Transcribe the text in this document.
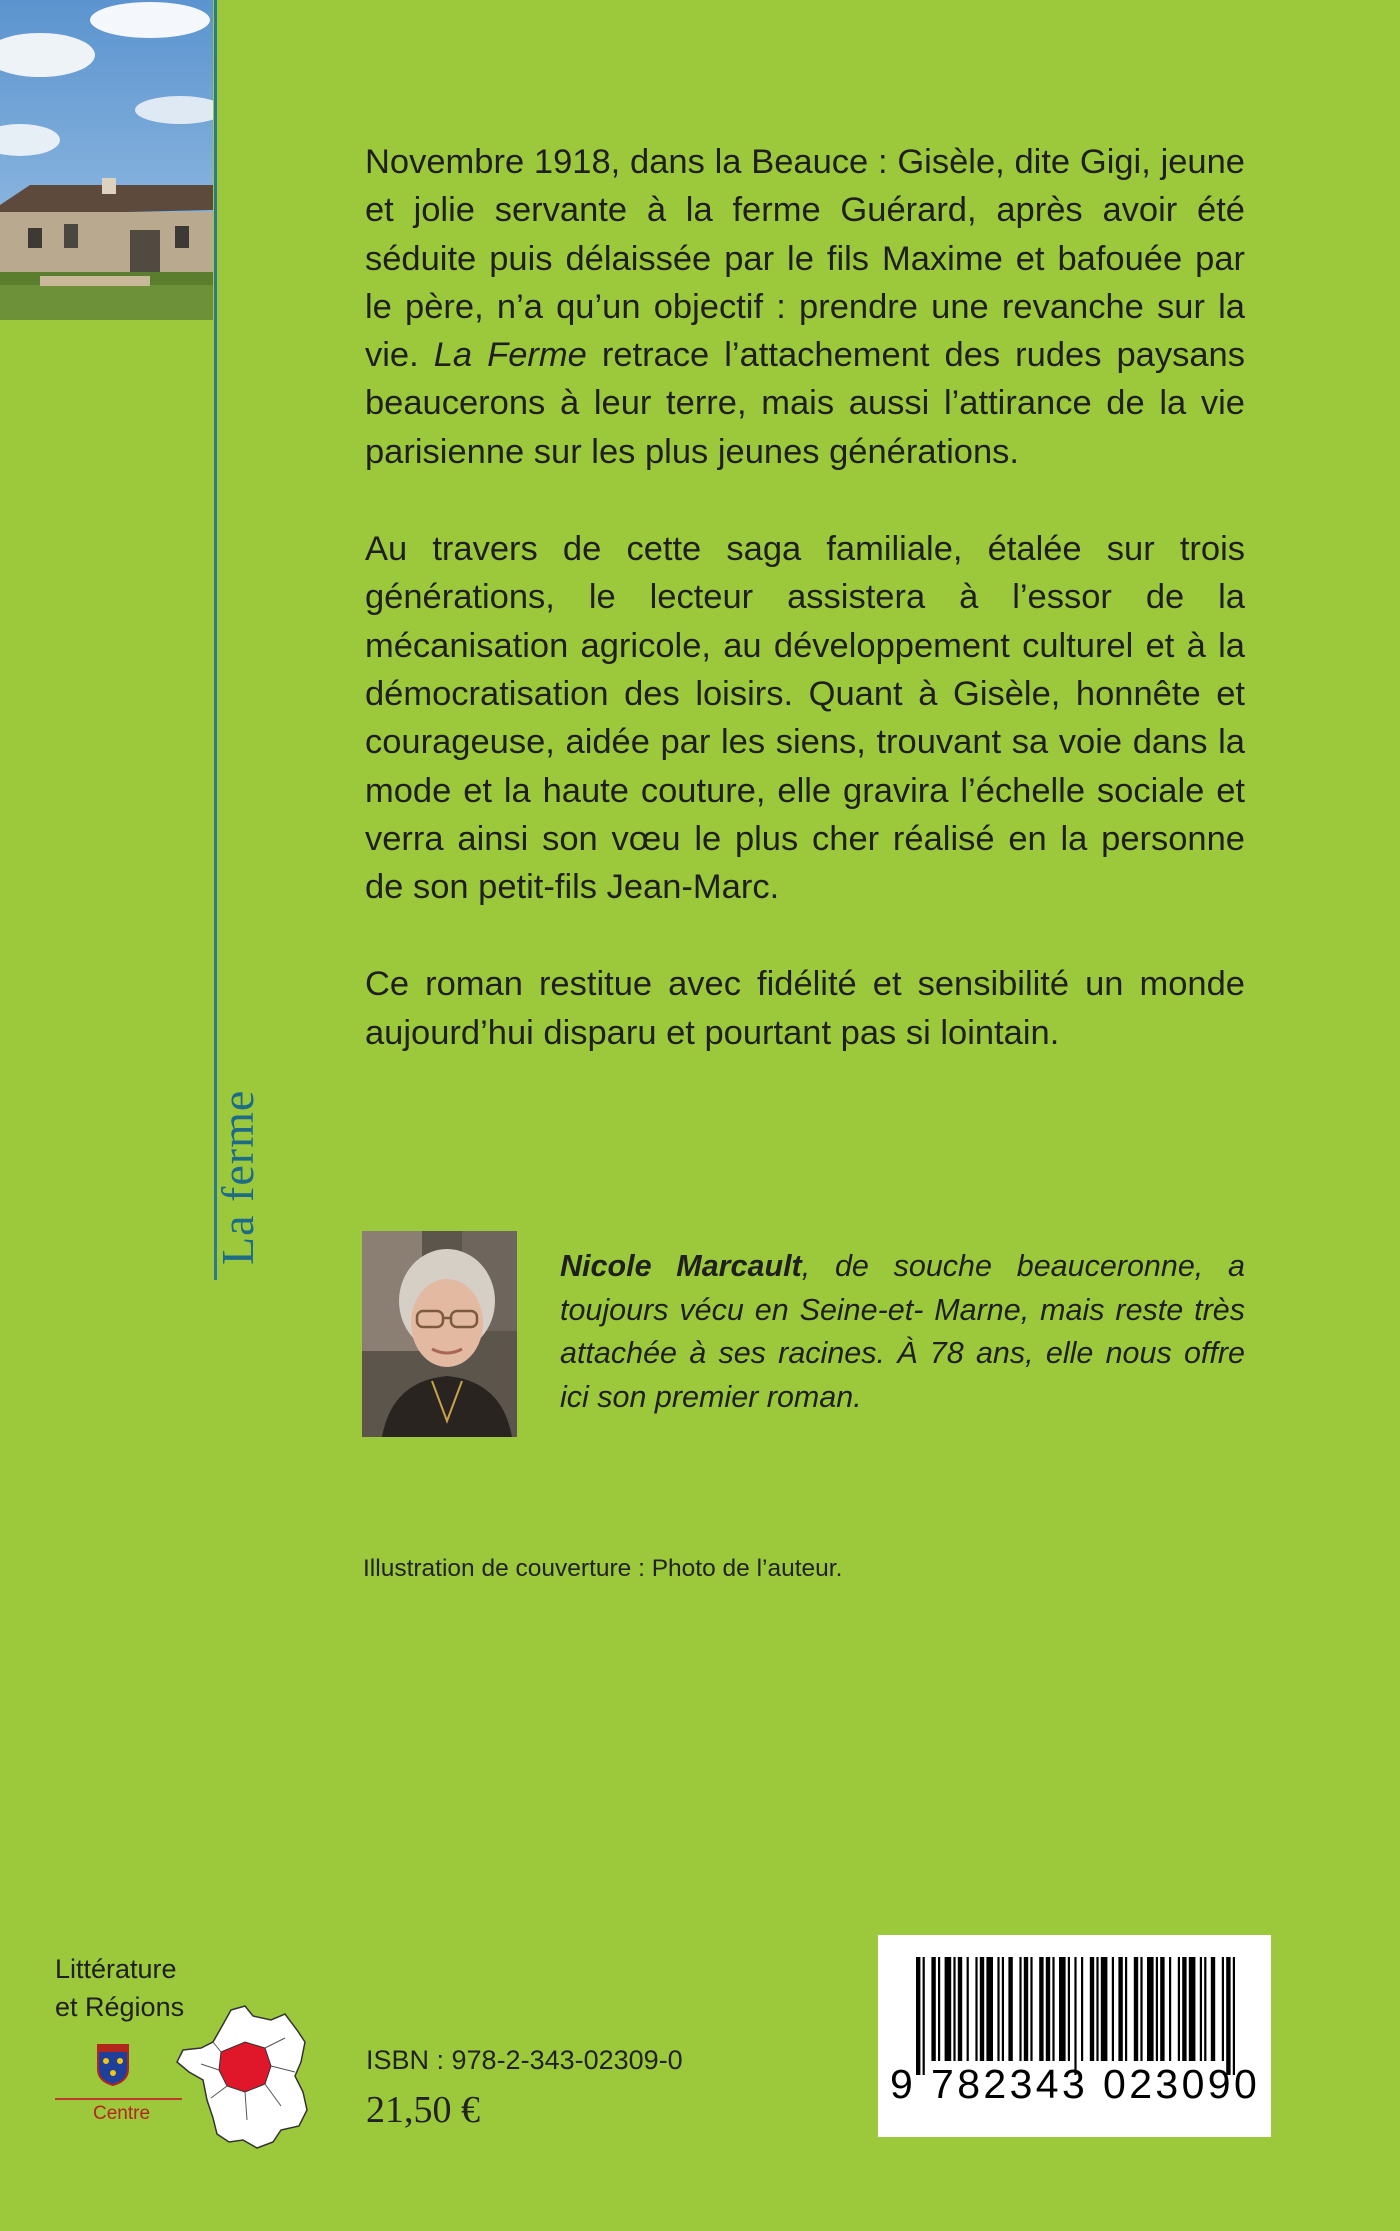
La ferme

Novembre 1918, dans la Beauce : Gisèle, dite Gigi, jeune et jolie servante à la ferme Guérard, après avoir été séduite puis délaissée par le fils Maxime et bafouée par le père, n’a qu’un objectif : prendre une revanche sur la vie. La Ferme retrace l’attachement des rudes paysans beaucerons à leur terre, mais aussi l’attirance de la vie parisienne sur les plus jeunes générations.

Au travers de cette saga familiale, étalée sur trois générations, le lecteur assistera à l’essor de la mécanisation agricole, au développement culturel et à la démocratisation des loisirs. Quant à Gisèle, honnête et courageuse, aidée par les siens, trouvant sa voie dans la mode et la haute couture, elle gravira l’échelle sociale et verra ainsi son vœu le plus cher réalisé en la personne de son petit-fils Jean-Marc.

Ce roman restitue avec fidélité et sensibilité un monde aujourd’hui disparu et pourtant pas si lointain.

Nicole Marcault, de souche beauceronne, a toujours vécu en Seine-et- Marne, mais reste très attachée à ses racines. À 78 ans, elle nous offre ici son premier roman.
Illustration de couverture : Photo de l’auteur.
Littérature
et Régions
Centre
ISBN : 978-2-343-02309-0
21,50 €
9 782343 023090
